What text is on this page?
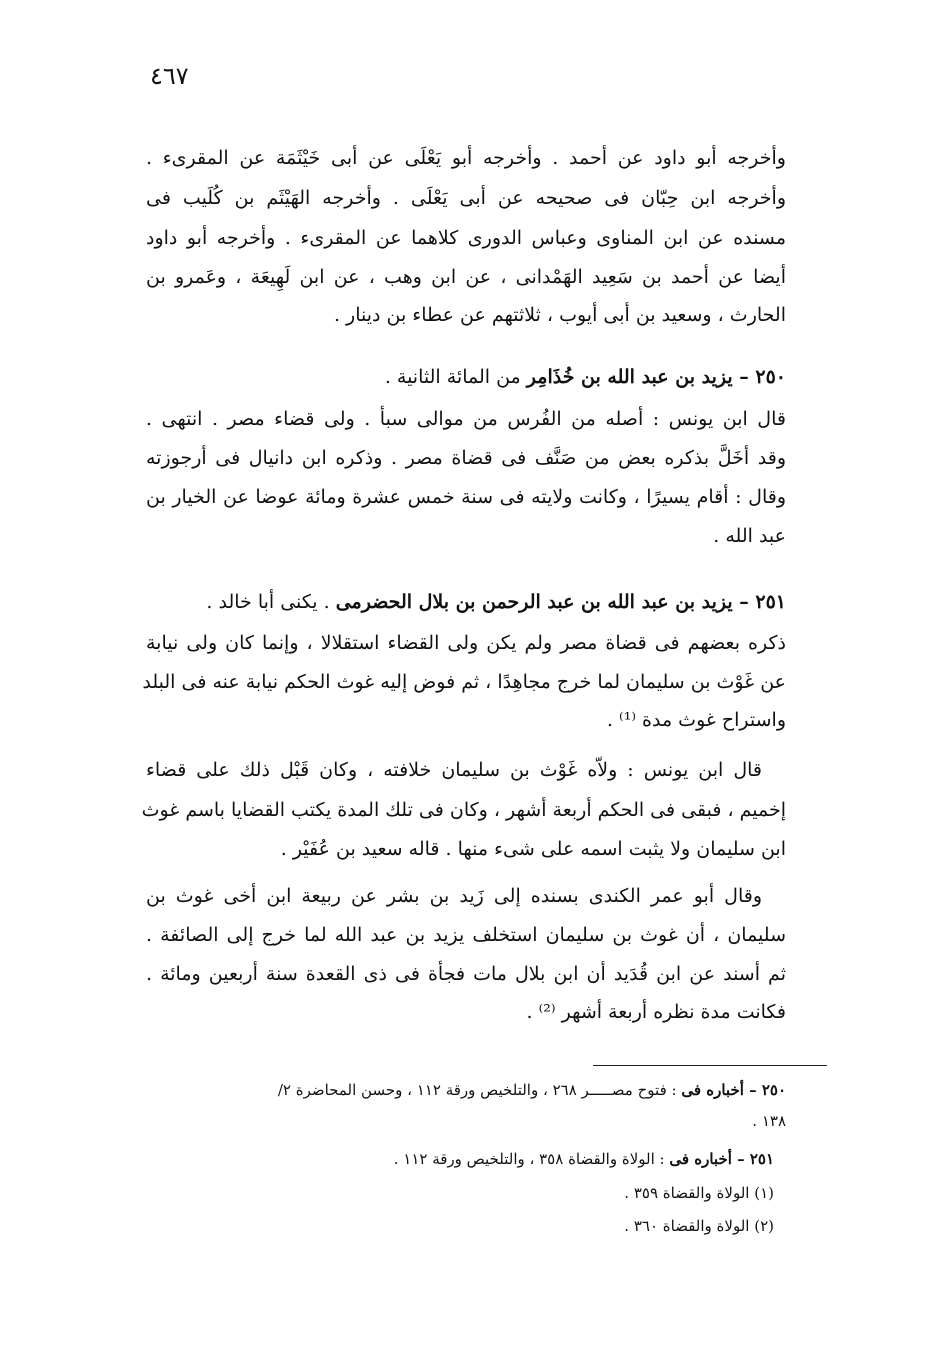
٤٦٧
وأخرجه أبو داود عن أحمد . وأخرجه أبو يَعْلَى عن أبى خَيْثَمَة عن المقرىء .
وأخرجه ابن حِبّان فى صحيحه عن أبى يَعْلَى . وأخرجه الهَيْثَم بن كُلَيب فى
مسنده عن ابن المناوى وعباس الدورى كلاهما عن المقرىء . وأخرجه أبو داود
أيضا عن أحمد بن سَعِيد الهَمْدانى ، عن ابن وهب ، عن ابن لَهِيعَة ، وعَمرو بن
الحارث ، وسعيد بن أبى أيوب ، ثلاثتهم عن عطاء بن دينار .
٢٥٠ – يزيد بن عبد الله بن خُذَامِر من المائة الثانية .
قال ابن يونس : أصله من الفُرس من موالى سبأ . ولى قضاء مصر . انتهى .
وقد أخَلَّ بذكره بعض من صَنَّف فى قضاة مصر . وذكره ابن دانيال فى أرجوزته
وقال : أقام يسيرًا ، وكانت ولايته فى سنة خمس عشرة ومائة عوضا عن الخيار بن
عبد الله .
٢٥١ – يزيد بن عبد الله بن عبد الرحمن بن بلال الحضرمى . يكنى أبا خالد .
ذكره بعضهم فى قضاة مصر ولم يكن ولى القضاء استقلالا ، وإنما كان ولى نيابة
عن غَوْث بن سليمان لما خرج مجاهِدًا ، ثم فوض إليه غوث الحكم نيابة عنه فى البلد
واستراح غوث مدة ⁽¹⁾ .
قال ابن يونس : ولاّه غَوْث بن سليمان خلافته ، وكان قَبْل ذلك على قضاء
إخميم ، فبقى فى الحكم أربعة أشهر ، وكان فى تلك المدة يكتب القضايا باسم غوث
ابن سليمان ولا يثبت اسمه على شىء منها . قاله سعيد بن عُفَيْر .
وقال أبو عمر الكندى بسنده إلى زَيد بن بشر عن ربيعة ابن أخى غوث بن
سليمان ، أن غوث بن سليمان استخلف يزيد بن عبد الله لما خرج إلى الصائفة .
ثم أسند عن ابن قُدَيد أن ابن بلال مات فجأة فى ذى القعدة سنة أربعين ومائة .
فكانت مدة نظره أربعة أشهر ⁽²⁾ .
٢٥٠ – أخباره فى : فتوح مصـــــر ٢٦٨ ، والتلخيص ورقة ١١٢ ، وحسن المحاضرة ٢/
١٣٨ .
٢٥١ – أخباره فى : الولاة والقضاة ٣٥٨ ، والتلخيص ورقة ١١٢ .
(١) الولاة والقضاة ٣٥٩ .
(٢) الولاة والقضاة ٣٦٠ .
